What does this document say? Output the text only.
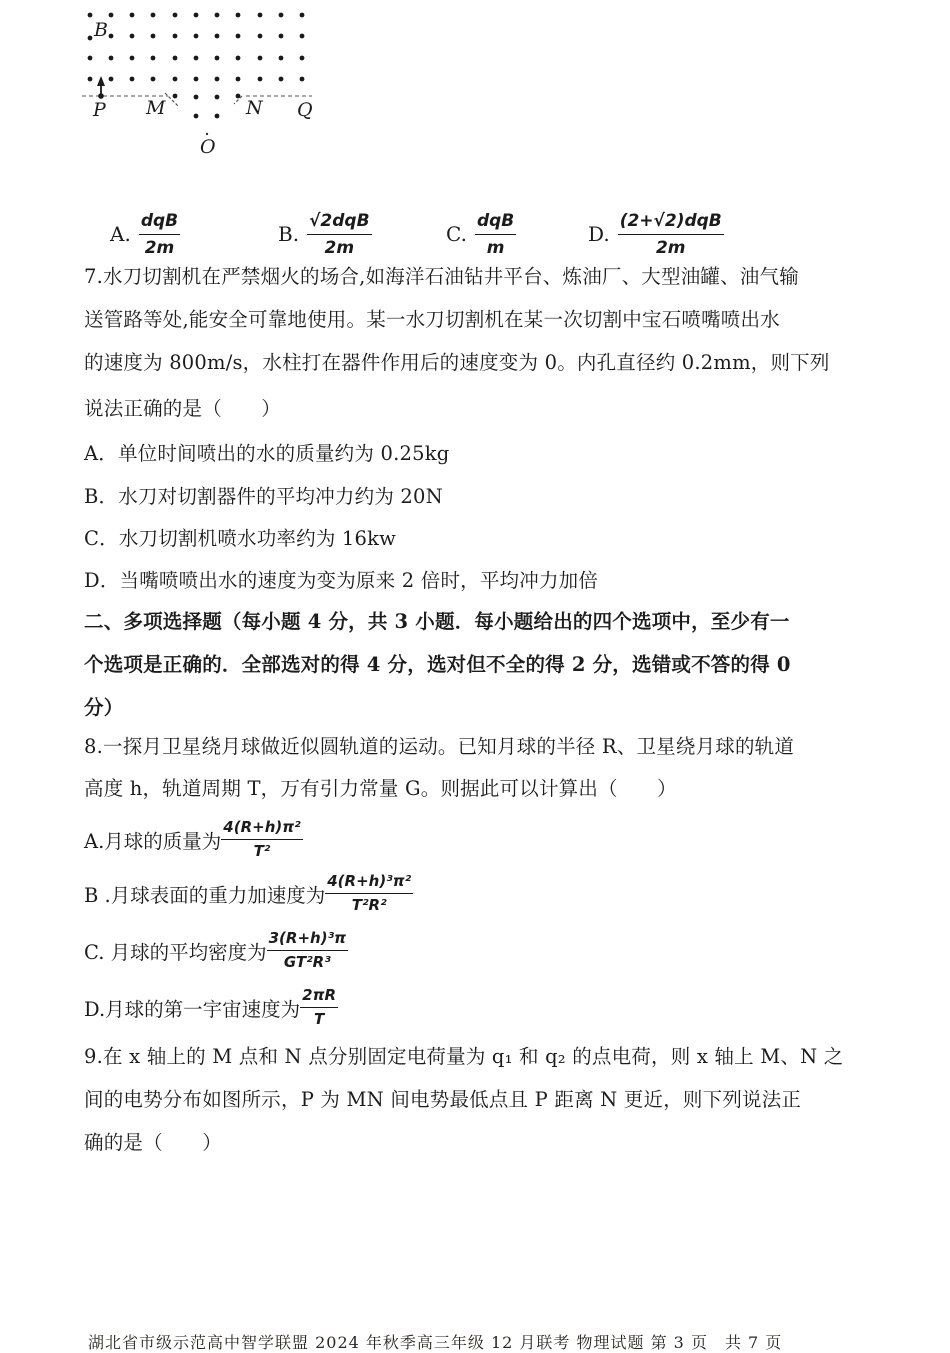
B
P M	N Q
O
A. $\frac{\text{dqB}}{2m}$	B. $\frac{\text{√2dqB}}{2m}$	C. $\frac{\text{dqB}}{m}$	D. $\frac{\text{(2+√2)dqB}}{2m}$
7.水刀切割机在严禁烟火的场合,如海洋石油钻井平台、炼油厂、大型油罐、油气输
送管路等处,能安全可靠地使用。某一水刀切割机在某一次切割中宝石喷嘴喷出水
的速度为 800m/s，水柱打在器件作用后的速度变为 0。内孔直径约 0.2mm，则下列
说法正确的是（　　）
A．单位时间喷出的水的质量约为 0.25kg
B．水刀对切割器件的平均冲力约为 20N
C．水刀切割机喷水功率约为 16kw
D．当嘴喷喷出水的速度为变为原来 2 倍时，平均冲力加倍
二、多项选择题（每小题 4 分，共 3 小题．每小题给出的四个选项中，至少有一
个选项是正确的．全部选对的得 4 分，选对但不全的得 2 分，选错或不答的得 0
分）
8.一探月卫星绕月球做近似圆轨道的运动。已知月球的半径 R、卫星绕月球的轨道
高度 h，轨道周期 T，万有引力常量 G。则据此可以计算出（　　）
A.月球的质量为 $\frac{\text{4(R+h)π²}}{\text{T²}}$
B .月球表面的重力加速度为 $\frac{\text{4(R+h)³π²}}{\text{T²R²}}$
C. 月球的平均密度为 $\frac{\text{3(R+h)³π}}{\text{GT²R³}}$
D.月球的第一宇宙速度为 $\frac{2\pi R}{T}$
9.在 x 轴上的 M 点和 N 点分别固定电荷量为 q₁ 和 q₂ 的点电荷，则 x 轴上 M、N 之
间的电势分布如图所示，P 为 MN 间电势最低点且 P 距离 N 更近，则下列说法正
确的是（　　）
湖北省市级示范高中智学联盟 2024 年秋季高三年级 12 月联考 物理试题 第 3 页　共 7 页
